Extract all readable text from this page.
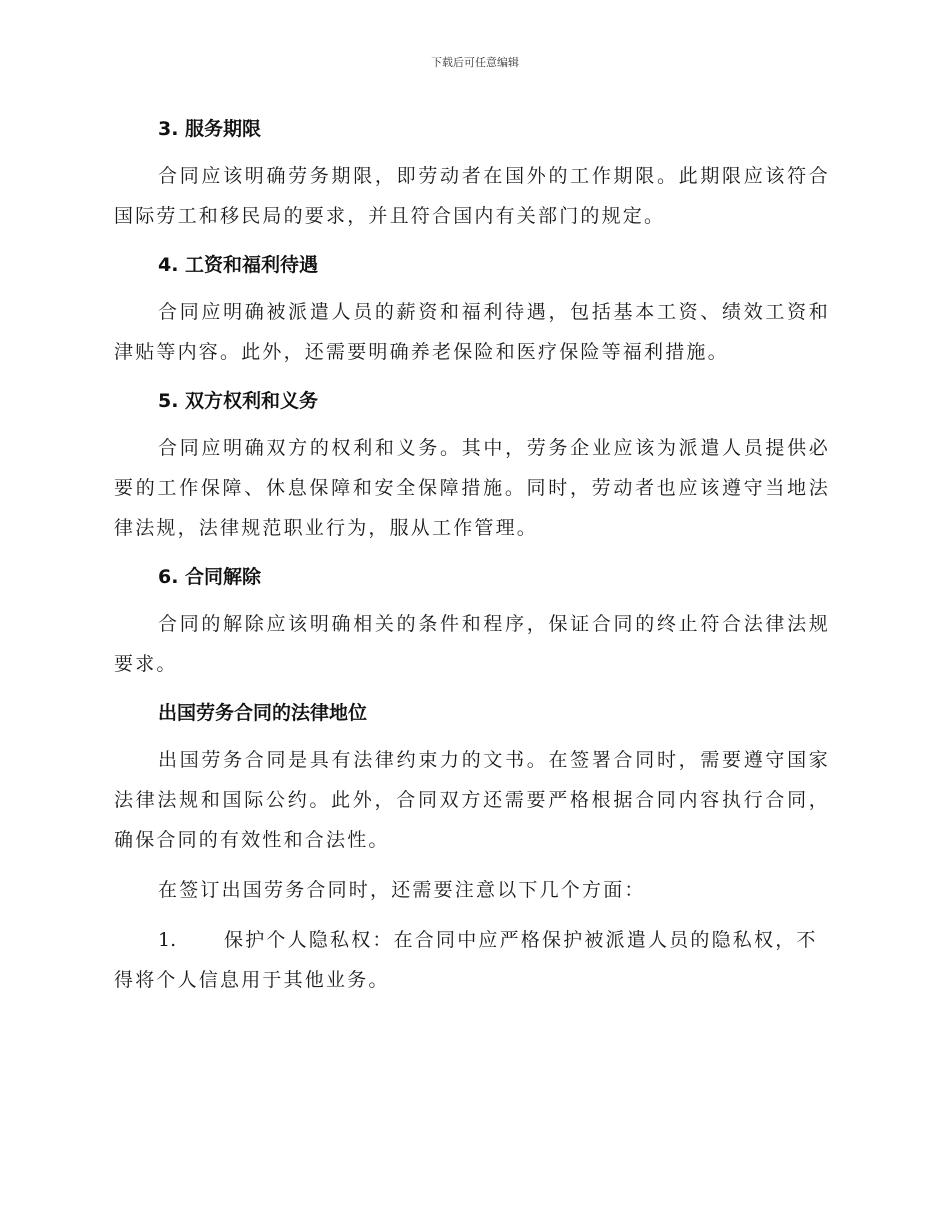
下载后可任意编辑

3. 服务期限

合同应该明确劳务期限，即劳动者在国外的工作期限。此期限应该符合国际劳工和移民局的要求，并且符合国内有关部门的规定。

4. 工资和福利待遇

合同应明确被派遣人员的薪资和福利待遇，包括基本工资、绩效工资和津贴等内容。此外，还需要明确养老保险和医疗保险等福利措施。

5. 双方权利和义务

合同应明确双方的权利和义务。其中，劳务企业应该为派遣人员提供必要的工作保障、休息保障和安全保障措施。同时，劳动者也应该遵守当地法律法规，法律规范职业行为，服从工作管理。

6. 合同解除

合同的解除应该明确相关的条件和程序，保证合同的终止符合法律法规要求。

出国劳务合同的法律地位

出国劳务合同是具有法律约束力的文书。在签署合同时，需要遵守国家法律法规和国际公约。此外，合同双方还需要严格根据合同内容执行合同，确保合同的有效性和合法性。

在签订出国劳务合同时，还需要注意以下几个方面：

1.	保护个人隐私权：在合同中应严格保护被派遣人员的隐私权，不得将个人信息用于其他业务。
